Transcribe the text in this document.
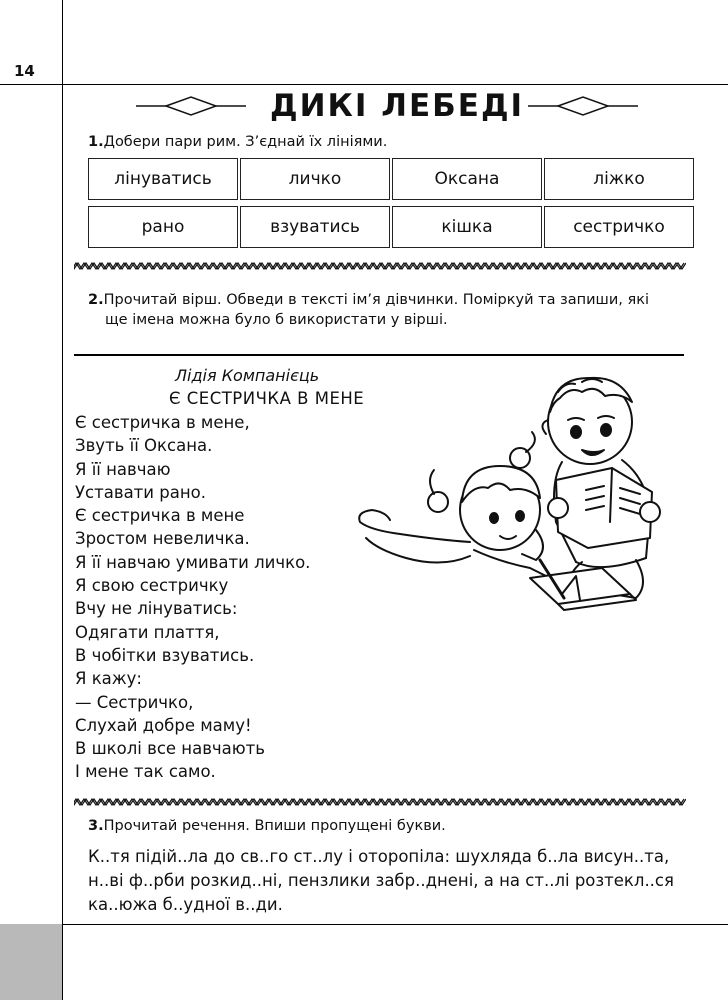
14
ДИКІ ЛЕБЕДІ
1.Добери пари рим. З’єднай їх лініями.
лінуватись	личко	Оксана	ліжко
рано	взуватись	кішка	сестричко
2.Прочитай вірш. Обведи в тексті ім’я дівчинки. Поміркуй та запиши, які
ще імена можна було б використати у вірші.
Лідія Компанієць
Є СЕСТРИЧКА В МЕНЕ
Є сестричка в мене,
Звуть її Оксана.
Я її навчаю
Уставати рано.
Є сестричка в мене
Зростом невеличка.
Я її навчаю умивати личко.
Я свою сестричку
Вчу не лінуватись:
Одягати плаття,
В чобітки взуватись.
Я кажу:
— Сестричко,
Слухай добре маму!
В школі все навчають
І мене так само.
3.Прочитай речення. Впиши пропущені букви.
К..тя підій..ла до св..го ст..лу і оторопіла: шухляда б..ла висун..та,
н..ві ф..рби розкид..ні, пензлики забр..днені, а на ст..лі розтекл..ся
ка..южа б..удної в..ди.
